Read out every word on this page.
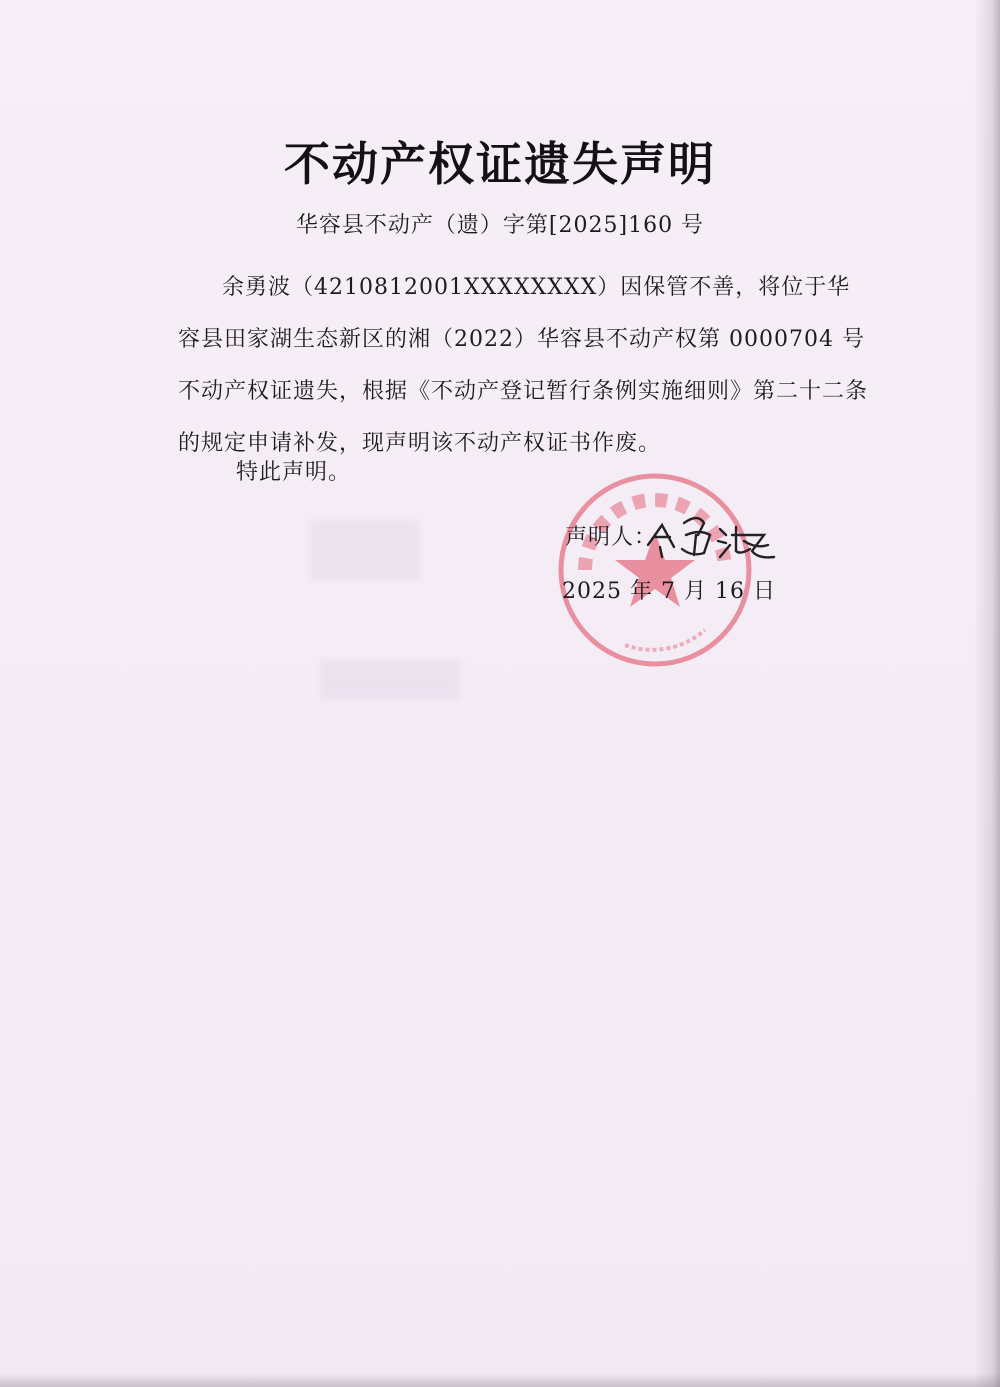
不动产权证遗失声明
华容县不动产（遗）字第[2025]160 号

余勇波（4210812001XXXXXXXX）因保管不善，将位于华容县田家湖生态新区的湘（2022）华容县不动产权第 0000704 号不动产权证遗失，根据《不动产登记暂行条例实施细则》第二十二条的规定申请补发，现声明该不动产权证书作废。

特此声明。
声明人：
2025 年 7 月 16 日
